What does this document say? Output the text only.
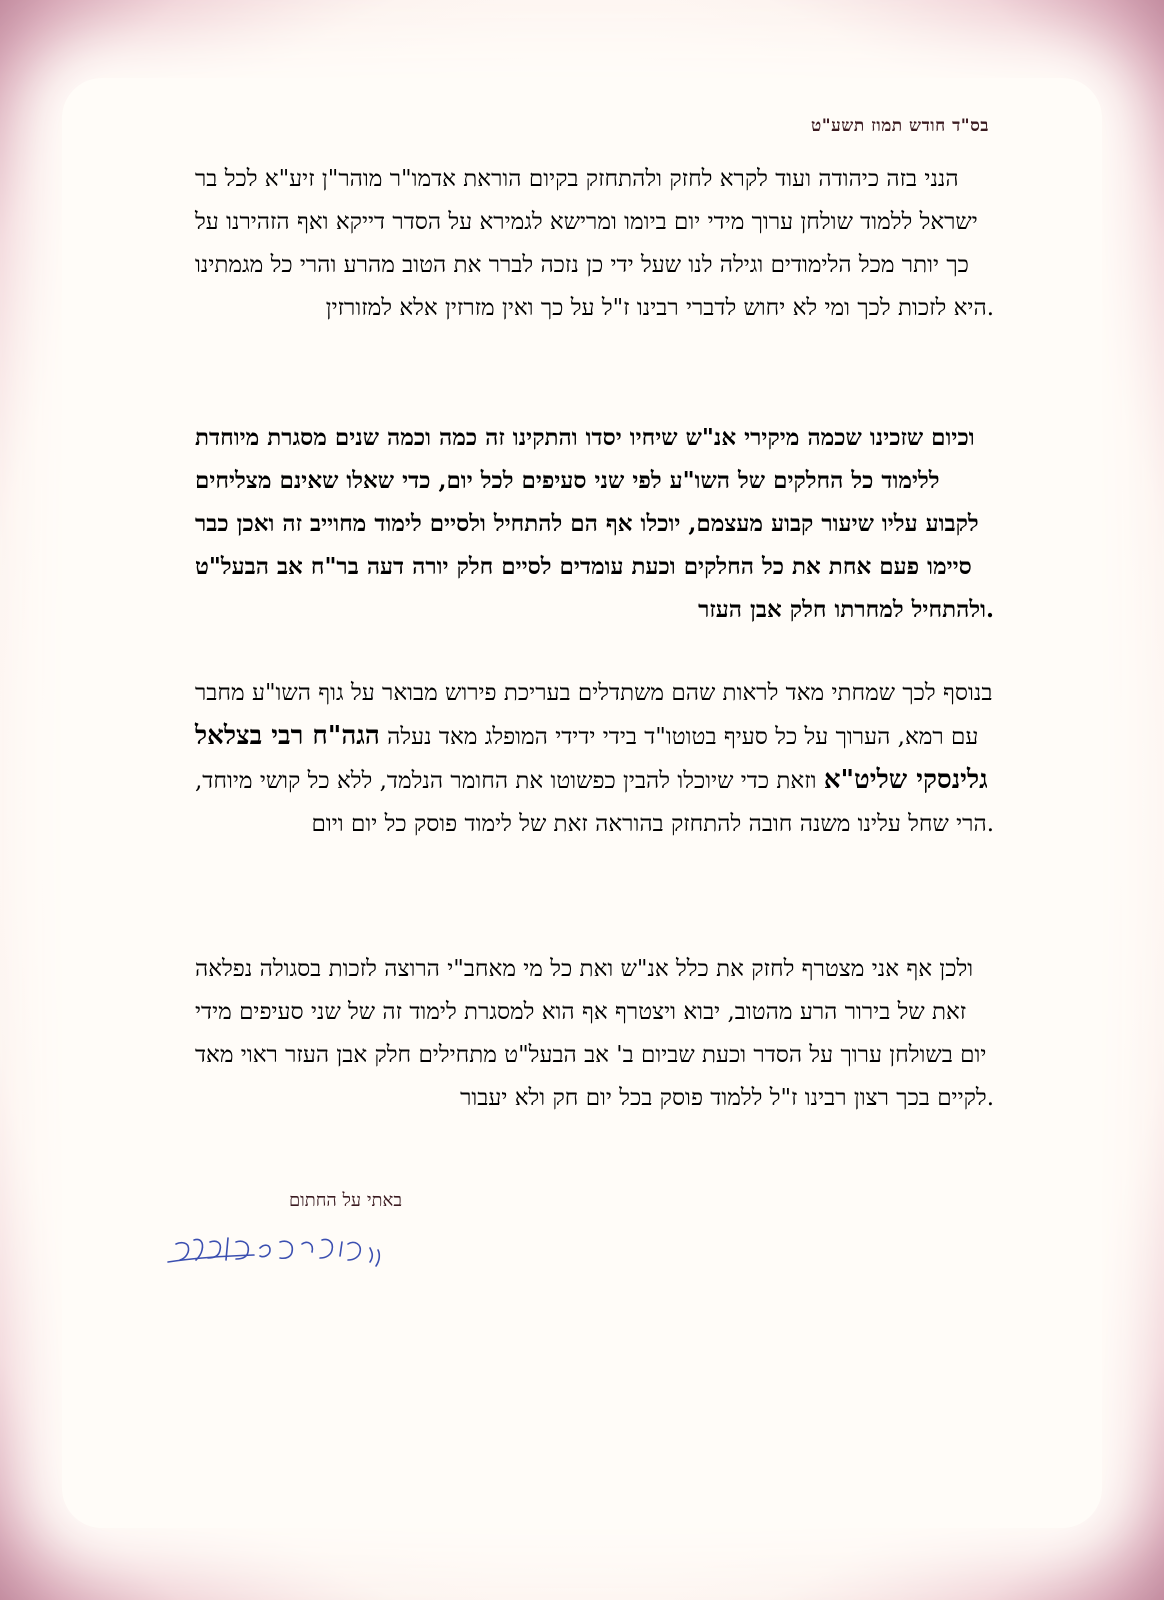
בס"ד חודש תמוז תשע"ט

הנני בזה כיהודה ועוד לקרא לחזק ולהתחזק בקיום הוראת אדמו"ר מוהר"ן זיע"א לכל בר ישראל ללמוד שולחן ערוך מידי יום ביומו ומרישא לגמירא על הסדר דייקא ואף הזהירנו על כך יותר מכל הלימודים וגילה לנו שעל ידי כן נזכה לברר את הטוב מהרע והרי כל מגמתינו היא לזכות לכך ומי לא יחוש לדברי רבינו ז"ל על כך ואין מזרזין אלא למזורזין.

וכיום שזכינו שכמה מיקירי אנ"ש שיחיו יסדו והתקינו זה כמה וכמה שנים מסגרת מיוחדת ללימוד כל החלקים של השו"ע לפי שני סעיפים לכל יום, כדי שאלו שאינם מצליחים לקבוע עליו שיעור קבוע מעצמם, יוכלו אף הם להתחיל ולסיים לימוד מחוייב זה ואכן כבר סיימו פעם אחת את כל החלקים וכעת עומדים לסיים חלק יורה דעה בר"ח אב הבעל"ט ולהתחיל למחרתו חלק אבן העזר.

בנוסף לכך שמחתי מאד לראות שהם משתדלים בעריכת פירוש מבואר על גוף השו"ע מחבר עם רמא, הערוך על כל סעיף בטוטו"ד בידי ידידי המופלג מאד נעלה הגה"ח רבי בצלאל גלינסקי שליט"א וזאת כדי שיוכלו להבין כפשוטו את החומר הנלמד, ללא כל קושי מיוחד, הרי שחל עלינו משנה חובה להתחזק בהוראה זאת של לימוד פוסק כל יום ויום.

ולכן אף אני מצטרף לחזק את כלל אנ"ש ואת כל מי מאחב"י הרוצה לזכות בסגולה נפלאה זאת של בירור הרע מהטוב, יבוא ויצטרף אף הוא למסגרת לימוד זה של שני סעיפים מידי יום בשולחן ערוך על הסדר וכעת שביום ב' אב הבעל"ט מתחילים חלק אבן העזר ראוי מאד לקיים בכך רצון רבינו ז"ל ללמוד פוסק בכל יום חק ולא יעבור.

באתי על החתום
